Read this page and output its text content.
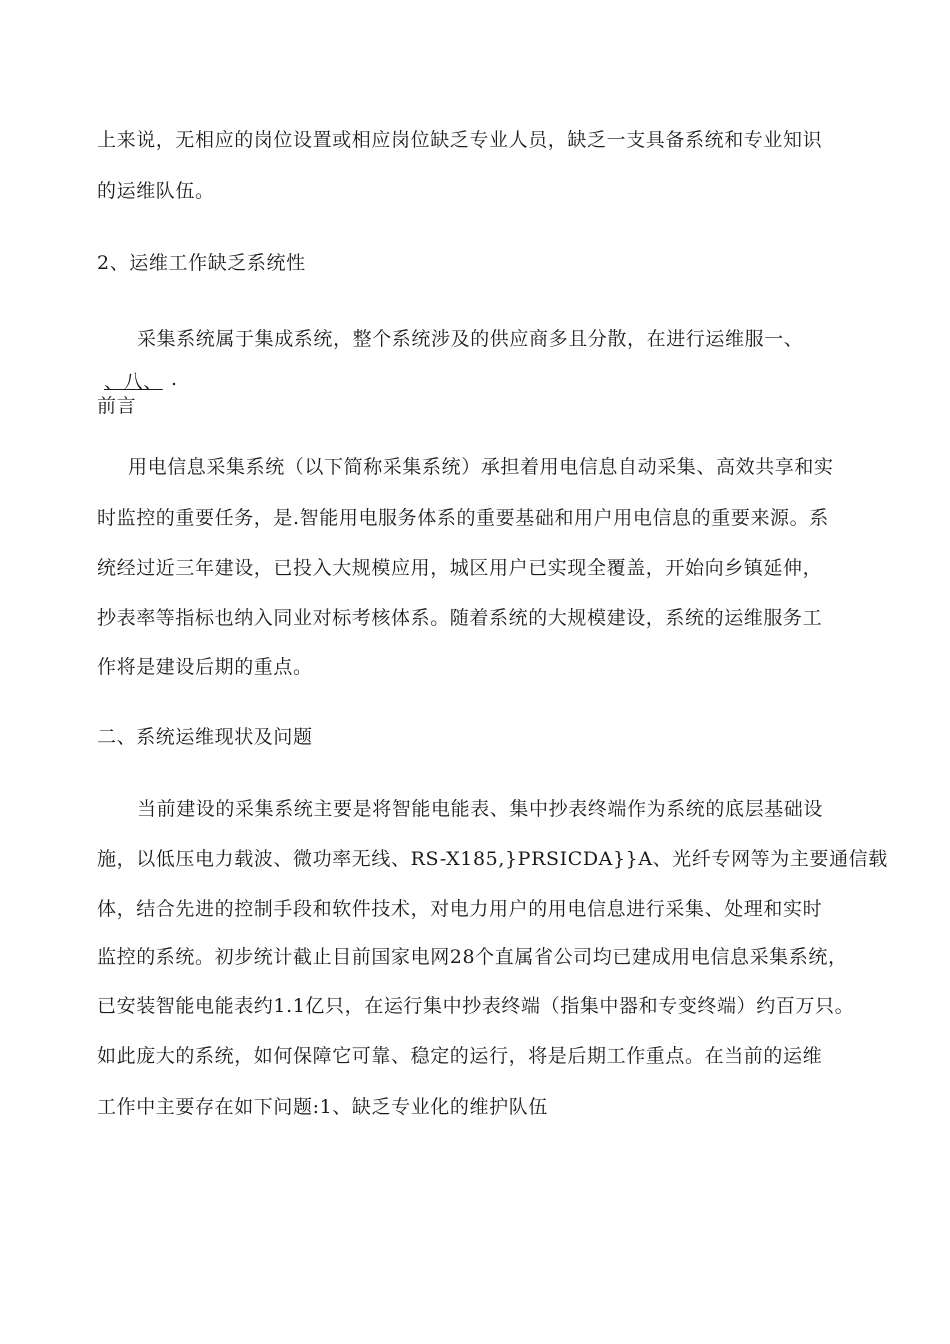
上来说，无相应的岗位设置或相应岗位缺乏专业人员，缺乏一支具备系统和专业知识
的运维队伍。
2、运维工作缺乏系统性
采集系统属于集成系统，整个系统涉及的供应商多且分散，在进行运维服一、
、八、 .
前言
用电信息采集系统（以下简称采集系统）承担着用电信息自动采集、高效共享和实
时监控的重要任务，是.智能用电服务体系的重要基础和用户用电信息的重要来源。系
统经过近三年建设，已投入大规模应用，城区用户已实现全覆盖，开始向乡镇延伸，
抄表率等指标也纳入同业对标考核体系。随着系统的大规模建设，系统的运维服务工
作将是建设后期的重点。
二、系统运维现状及问题
当前建设的采集系统主要是将智能电能表、集中抄表终端作为系统的底层基础设
施，以低压电力载波、微功率无线、RS-X185,}PRSICDA}}A、光纤专网等为主要通信载
体，结合先进的控制手段和软件技术，对电力用户的用电信息进行采集、处理和实时
监控的系统。初步统计截止目前国家电网28个直属省公司均已建成用电信息采集系统，
已安装智能电能表约1.1亿只，在运行集中抄表终端（指集中器和专变终端）约百万只。
如此庞大的系统，如何保障它可靠、稳定的运行，将是后期工作重点。在当前的运维
工作中主要存在如下问题:1、缺乏专业化的维护队伍
